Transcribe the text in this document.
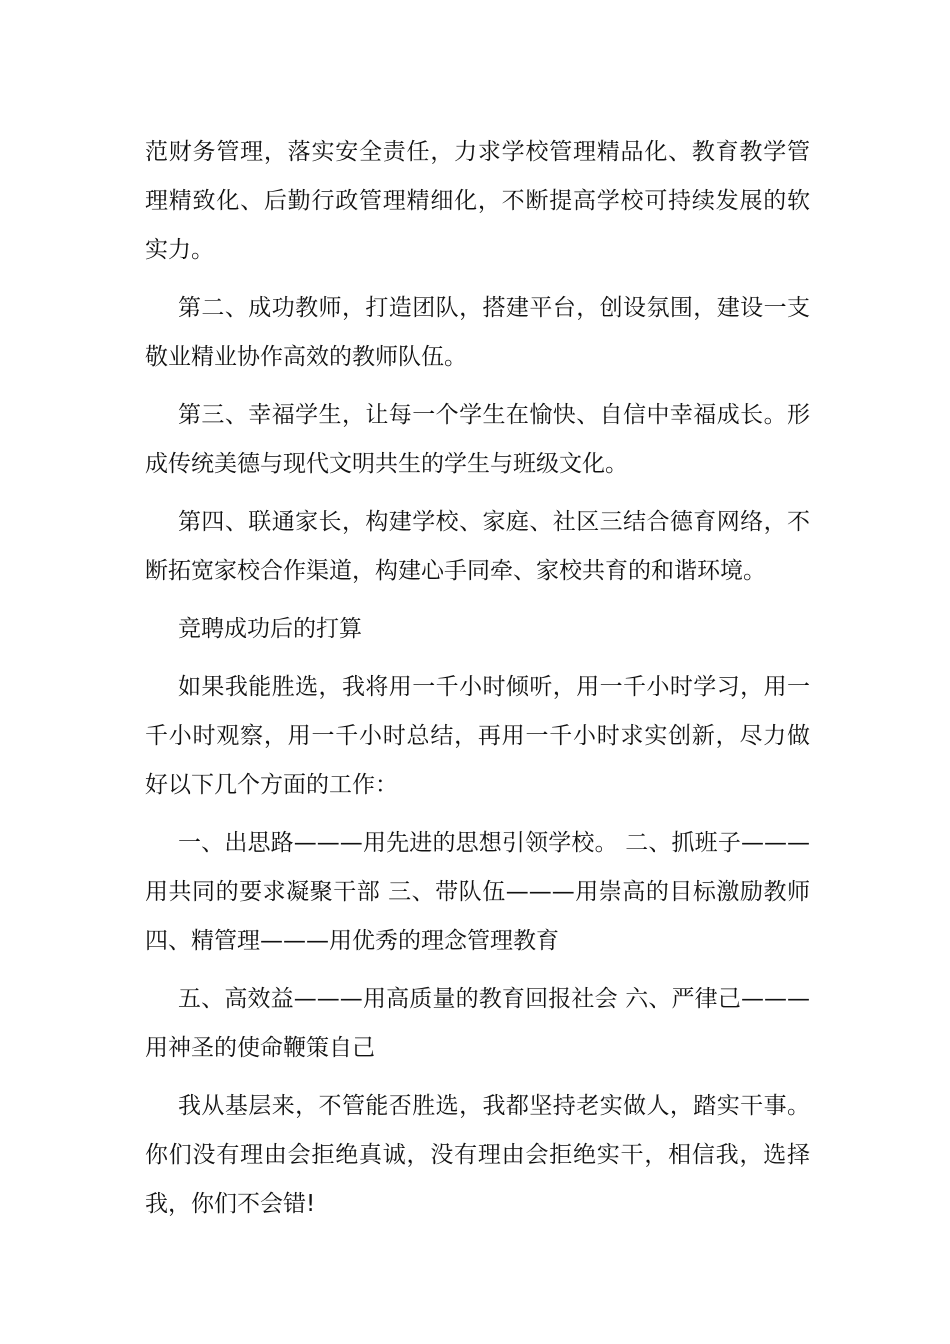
范财务管理，落实安全责任，力求学校管理精品化、教育教学管理精致化、后勤行政管理精细化，不断提高学校可持续发展的软实力。

第二、成功教师，打造团队，搭建平台，创设氛围，建设一支敬业精业协作高效的教师队伍。

第三、幸福学生，让每一个学生在愉快、自信中幸福成长。形成传统美德与现代文明共生的学生与班级文化。

第四、联通家长，构建学校、家庭、社区三结合德育网络，不断拓宽家校合作渠道，构建心手同牵、家校共育的和谐环境。

竞聘成功后的打算

如果我能胜选，我将用一千小时倾听，用一千小时学习，用一千小时观察，用一千小时总结，再用一千小时求实创新，尽力做好以下几个方面的工作：

一、出思路———用先进的思想引领学校。 二、抓班子———用共同的要求凝聚干部 三、带队伍———用崇高的目标激励教师 四、精管理———用优秀的理念管理教育

五、高效益———用高质量的教育回报社会 六、严律己———用神圣的使命鞭策自己

我从基层来，不管能否胜选，我都坚持老实做人，踏实干事。你们没有理由会拒绝真诚，没有理由会拒绝实干，相信我，选择我，你们不会错!
